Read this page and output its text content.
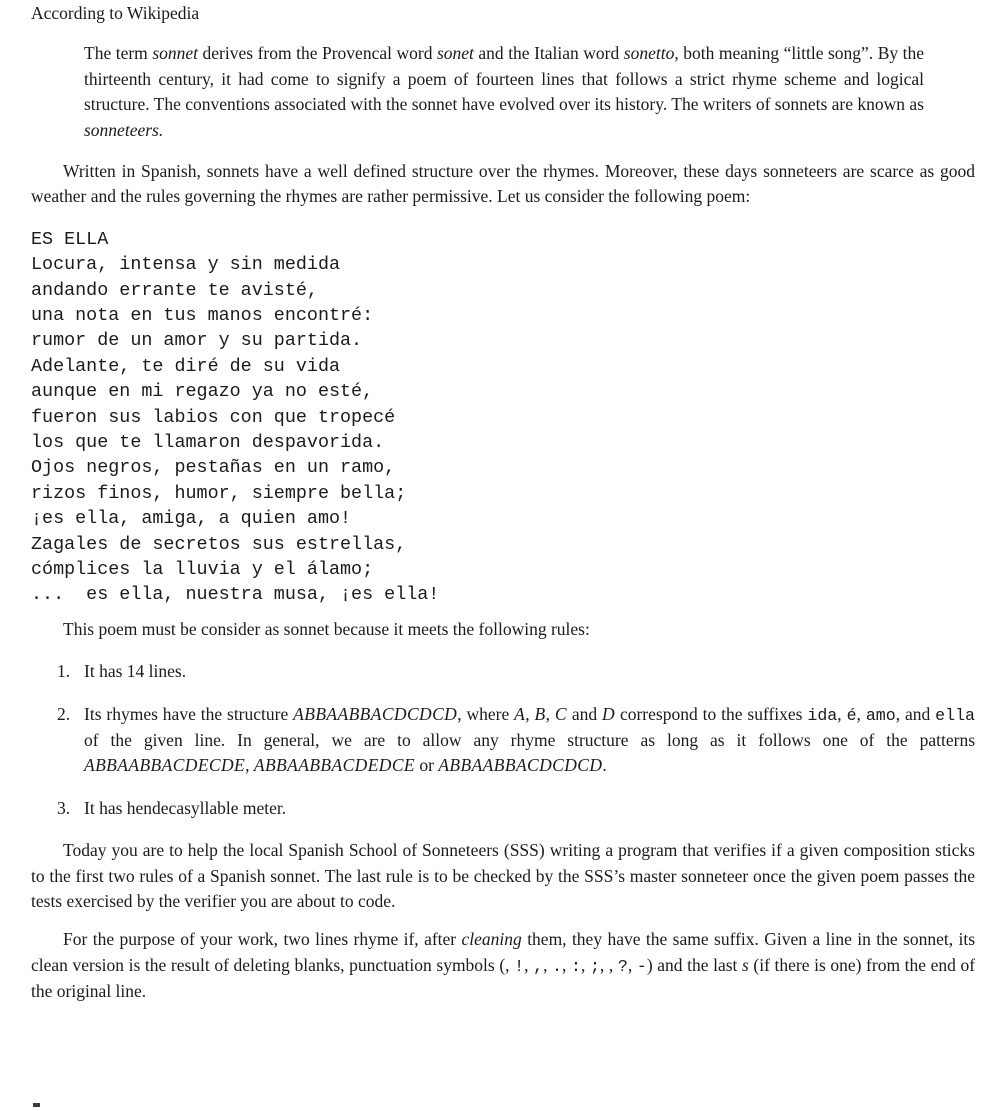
According to Wikipedia

The term sonnet derives from the Provencal word sonet and the Italian word sonetto, both meaning “little song”. By the thirteenth century, it had come to signify a poem of fourteen lines that follows a strict rhyme scheme and logical structure. The conventions associated with the sonnet have evolved over its history. The writers of sonnets are known as sonneteers.

Written in Spanish, sonnets have a well defined structure over the rhymes. Moreover, these days sonneteers are scarce as good weather and the rules governing the rhymes are rather permissive. Let us consider the following poem:

ES ELLA
Locura, intensa y sin medida
andando errante te avisté,
una nota en tus manos encontré:
rumor de un amor y su partida.
Adelante, te diré de su vida
aunque en mi regazo ya no esté,
fueron sus labios con que tropecé
los que te llamaron despavorida.
Ojos negros, pestañas en un ramo,
rizos finos, humor, siempre bella;
¡es ella, amiga, a quien amo!
Zagales de secretos sus estrellas,
cómplices la lluvia y el álamo;
...  es ella, nuestra musa, ¡es ella!

This poem must be consider as sonnet because it meets the following rules:

1. It has 14 lines.
2. Its rhymes have the structure ABBAABBACDCDCD, where A, B, C and D correspond to the suffixes ida, é, amo, and ella of the given line. In general, we are to allow any rhyme structure as long as it follows one of the patterns ABBAABBACDECDE, ABBAABBACDEDCE or ABBAABBACDCDCD.
3. It has hendecasyllable meter.

Today you are to help the local Spanish School of Sonneteers (SSS) writing a program that verifies if a given composition sticks to the first two rules of a Spanish sonnet. The last rule is to be checked by the SSS’s master sonneteer once the given poem passes the tests exercised by the verifier you are about to code.

For the purpose of your work, two lines rhyme if, after cleaning them, they have the same suffix. Given a line in the sonnet, its clean version is the result of deleting blanks, punctuation symbols (, !, ,, ., :, ;, , ?, -) and the last s (if there is one) from the end of the original line.
